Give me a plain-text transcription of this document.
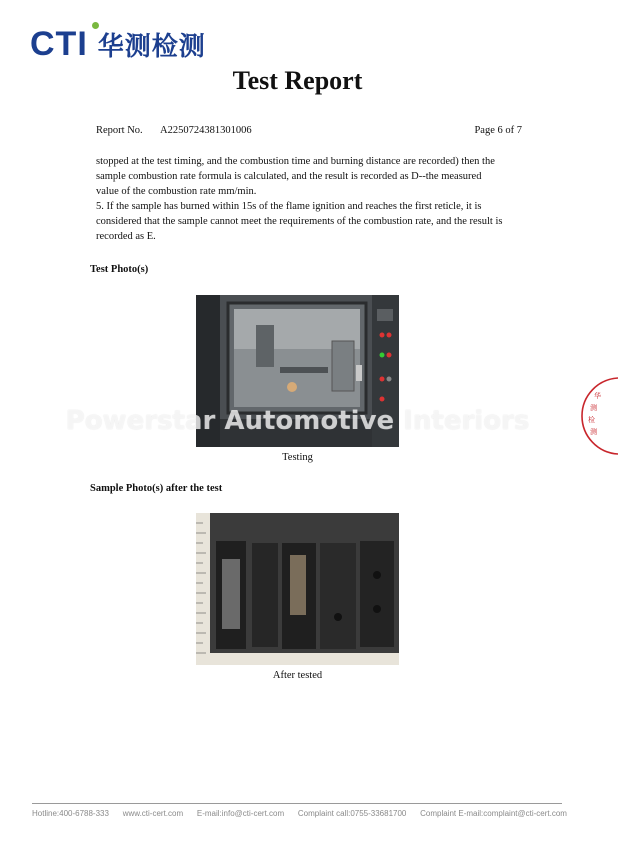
CTI 华测检测
Test Report
Report No. A2250724381301006	Page 6 of 7

stopped at the test timing, and the combustion time and burning distance are recorded) then the sample combustion rate formula is calculated, and the result is recorded as D--the measured value of the combustion rate mm/min.

5. If the sample has burned within 15s of the flame ignition and reaches the first reticle, it is considered that the sample cannot meet the requirements of the combustion rate, and the result is recorded as E.

Test Photo(s)
Testing
Powerstar Automotive Interiors
Sample Photo(s) after the test
After tested
华
测
检
测
Hotline:400-6788-333 www.cti-cert.com E-mail:info@cti-cert.com Complaint call:0755-33681700 Complaint E-mail:complaint@cti-cert.com
